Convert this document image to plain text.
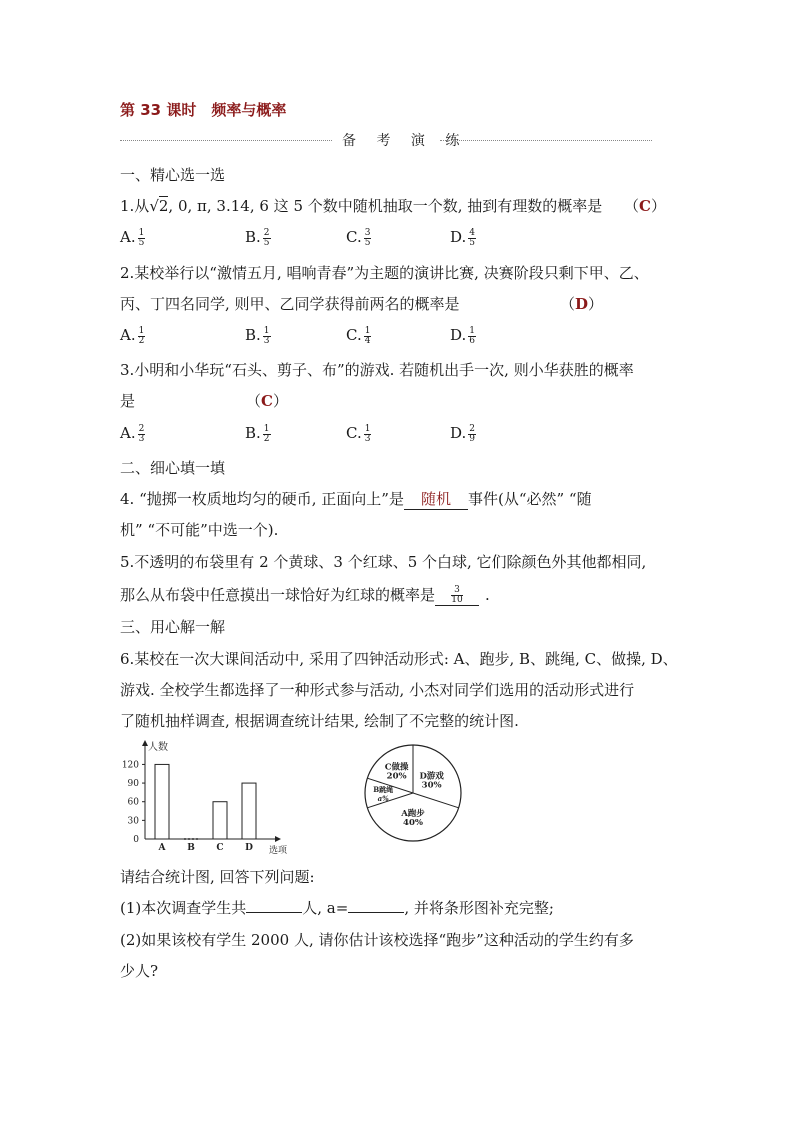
第 33 课时　频率与概率
备 考 演 练
一、精心选一选
1.从√2, 0, π, 3.14, 6 这 5 个数中随机抽取一个数, 抽到有理数的概率是 （C）
A. $\frac{1}{5}$	B. $\frac{2}{5}$	C. $\frac{3}{5}$	D. $\frac{4}{5}$
2.某校举行以“激情五月, 唱响青春”为主题的演讲比赛, 决赛阶段只剩下甲、乙、
丙、丁四名同学, 则甲、乙同学获得前两名的概率是	（D）
A. $\frac{1}{2}$	B. $\frac{1}{3}$	C. $\frac{1}{4}$	D. $\frac{1}{6}$
3.小明和小华玩“石头、剪子、布”的游戏. 若随机出手一次, 则小华获胜的概率
是	（C）
A. $\frac{2}{3}$	B. $\frac{1}{2}$	C. $\frac{1}{3}$	D. $\frac{2}{9}$
二、细心填一填
4. “抛掷一枚质地均匀的硬币, 正面向上”是 随机 事件(从“必然” “随
机” “不可能”中选一个).
5.不透明的布袋里有 2 个黄球、3 个红球、5 个白球, 它们除颜色外其他都相同,
那么从布袋中任意摸出一球恰好为红球的概率是 $\frac{3}{10}$ .
三、用心解一解
6.某校在一次大课间活动中, 采用了四钟活动形式: A、跑步, B、跳绳, C、做操, D、
游戏. 全校学生都选择了一种形式参与活动, 小杰对同学们选用的活动形式进行
了随机抽样调查, 根据调查统计结果, 绘制了不完整的统计图.
人数
选项
0
30
60
90
120
A B C D
D游戏
30%
A跑步
40%
B跳绳
a%
C做操
20%
请结合统计图, 回答下列问题:
(1)本次调查学生共	人, a=	, 并将条形图补充完整;
(2)如果该校有学生 2000 人, 请你估计该校选择“跑步”这种活动的学生约有多
少人?
